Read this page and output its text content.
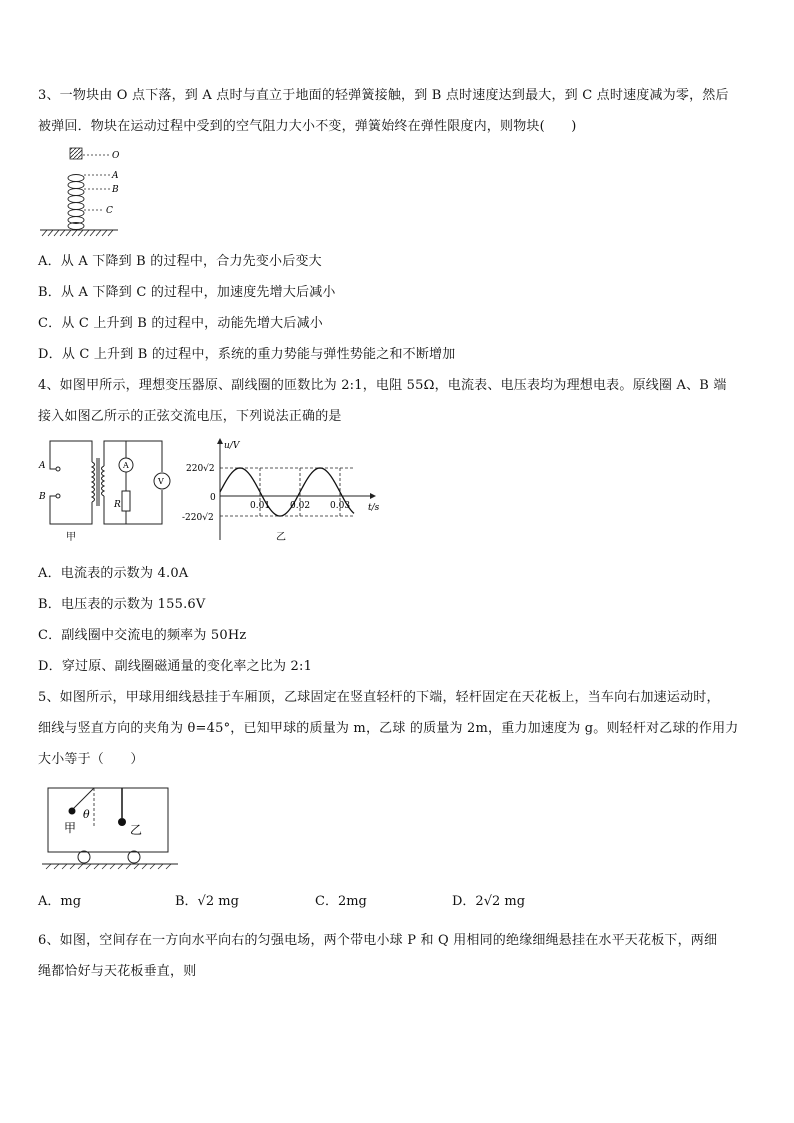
3、一物块由 O 点下落，到 A 点时与直立于地面的轻弹簧接触，到 B 点时速度达到最大，到 C 点时速度减为零，然后
被弹回．物块在运动过程中受到的空气阻力大小不变，弹簧始终在弹性限度内，则物块(　　)
O
A
B
C
A．从 A 下降到 B 的过程中，合力先变小后变大
B．从 A 下降到 C 的过程中，加速度先增大后减小
C．从 C 上升到 B 的过程中，动能先增大后减小
D．从 C 上升到 B 的过程中，系统的重力势能与弹性势能之和不断增加
4、如图甲所示，理想变压器原、副线圈的匝数比为 2:1，电阻 55Ω，电流表、电压表均为理想电表。原线圈 A、B 端
接入如图乙所示的正弦交流电压，下列说法正确的是
A
B
A
V
R
甲
u/V
t/s
220√2
-220√2
0
0.01 0.02 0.03
乙
A．电流表的示数为 4.0A
B．电压表的示数为 155.6V
C．副线圈中交流电的频率为 50Hz
D．穿过原、副线圈磁通量的变化率之比为 2:1
5、如图所示，甲球用细线悬挂于车厢顶，乙球固定在竖直轻杆的下端，轻杆固定在天花板上，当车向右加速运动时，
细线与竖直方向的夹角为 θ=45°，已知甲球的质量为 m，乙球 的质量为 2m，重力加速度为 g。则轻杆对乙球的作用力
大小等于（　　）
θ
甲	乙
A．mg	B．√2 mg	C．2mg	D．2√2 mg
6、如图，空间存在一方向水平向右的匀强电场，两个带电小球 P 和 Q 用相同的绝缘细绳悬挂在水平天花板下，两细
绳都恰好与天花板垂直，则
